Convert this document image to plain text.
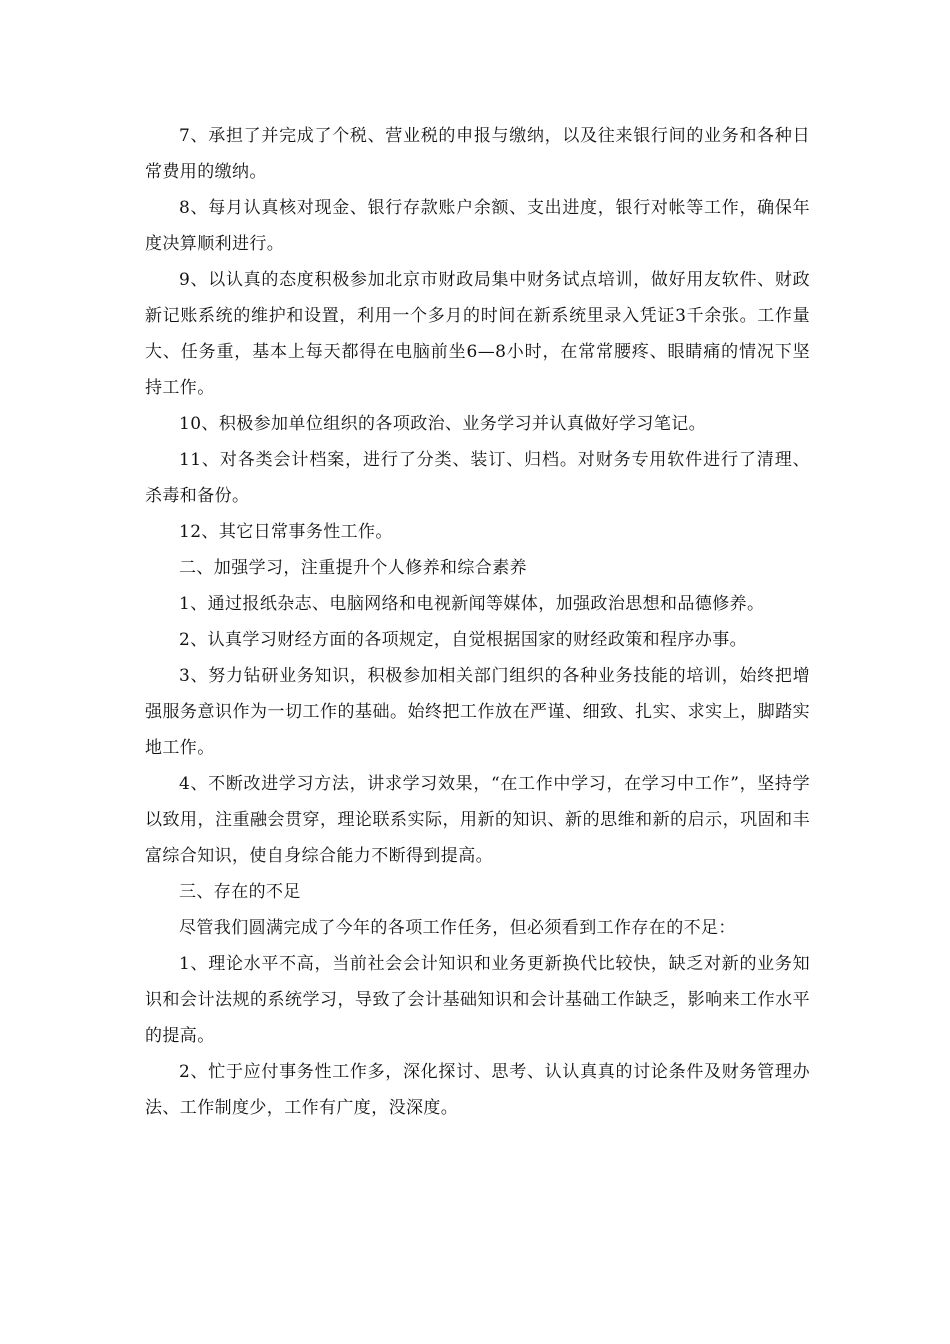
7、承担了并完成了个税、营业税的申报与缴纳，以及往来银行间的业务和各种日常费用的缴纳。

8、每月认真核对现金、银行存款账户余额、支出进度，银行对帐等工作，确保年度决算顺利进行。

9、以认真的态度积极参加北京市财政局集中财务试点培训，做好用友软件、财政新记账系统的维护和设置，利用一个多月的时间在新系统里录入凭证3千余张。工作量大、任务重，基本上每天都得在电脑前坐6—8小时，在常常腰疼、眼睛痛的情况下坚持工作。

10、积极参加单位组织的各项政治、业务学习并认真做好学习笔记。

11、对各类会计档案，进行了分类、装订、归档。对财务专用软件进行了清理、杀毒和备份。

12、其它日常事务性工作。

二、加强学习，注重提升个人修养和综合素养

1、通过报纸杂志、电脑网络和电视新闻等媒体，加强政治思想和品德修养。

2、认真学习财经方面的各项规定，自觉根据国家的财经政策和程序办事。

3、努力钻研业务知识，积极参加相关部门组织的各种业务技能的培训，始终把增强服务意识作为一切工作的基础。始终把工作放在严谨、细致、扎实、求实上，脚踏实地工作。

4、不断改进学习方法，讲求学习效果，“在工作中学习，在学习中工作”，坚持学以致用，注重融会贯穿，理论联系实际，用新的知识、新的思维和新的启示，巩固和丰富综合知识，使自身综合能力不断得到提高。

三、存在的不足

尽管我们圆满完成了今年的各项工作任务，但必须看到工作存在的不足：

1、理论水平不高，当前社会会计知识和业务更新换代比较快，缺乏对新的业务知识和会计法规的系统学习，导致了会计基础知识和会计基础工作缺乏，影响来工作水平的提高。

2、忙于应付事务性工作多，深化探讨、思考、认认真真的讨论条件及财务管理办法、工作制度少，工作有广度，没深度。
